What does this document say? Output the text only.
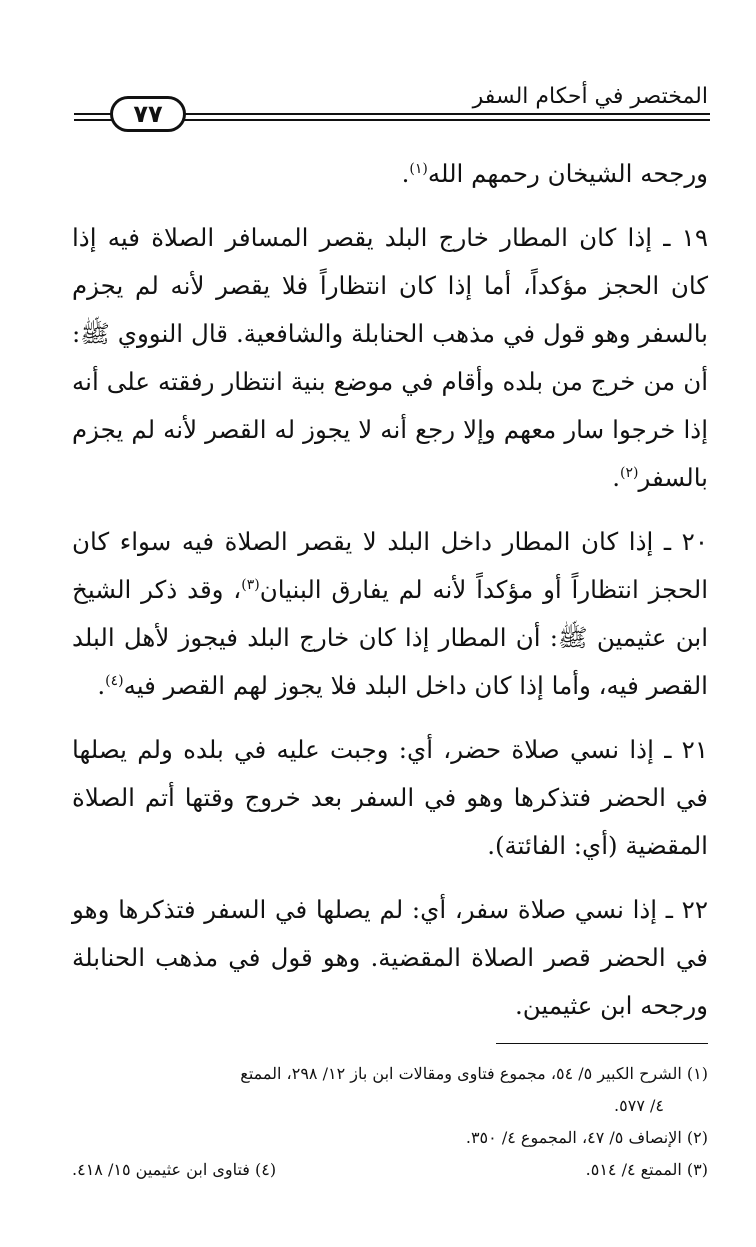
المختصر في أحكام السفر
٧٧

ورجحه الشيخان رحمهم الله$^{(١)}$.

١٩ ـ إذا كان المطار خارج البلد يقصر المسافر الصلاة فيه إذا كان الحجز مؤكداً، أما إذا كان انتظاراً فلا يقصر لأنه لم يجزم بالسفر وهو قول في مذهب الحنابلة والشافعية. قال النووي ﷺ: أن من خرج من بلده وأقام في موضع بنية انتظار رفقته على أنه إذا خرجوا سار معهم وإلا رجع أنه لا يجوز له القصر لأنه لم يجزم بالسفر$^{(٢)}$.

٢٠ ـ إذا كان المطار داخل البلد لا يقصر الصلاة فيه سواء كان الحجز انتظاراً أو مؤكداً لأنه لم يفارق البنيان$^{(٣)}$، وقد ذكر الشيخ ابن عثيمين ﷺ: أن المطار إذا كان خارج البلد فيجوز لأهل البلد القصر فيه، وأما إذا كان داخل البلد فلا يجوز لهم القصر فيه$^{(٤)}$.

٢١ ـ إذا نسي صلاة حضر، أي: وجبت عليه في بلده ولم يصلها في الحضر فتذكرها وهو في السفر بعد خروج وقتها أتم الصلاة المقضية (أي: الفائتة).

٢٢ ـ إذا نسي صلاة سفر، أي: لم يصلها في السفر فتذكرها وهو في الحضر قصر الصلاة المقضية. وهو قول في مذهب الحنابلة ورجحه ابن عثيمين.

(١) الشرح الكبير ٥/ ٥٤، مجموع فتاوى ومقالات ابن باز ١٢/ ٢٩٨، الممتع

٤/ ٥٧٧.

(٢) الإنصاف ٥/ ٤٧، المجموع ٤/ ٣٥٠.

(٣) الممتع ٤/ ٥١٤.
(٤) فتاوى ابن عثيمين ١٥/ ٤١٨.
